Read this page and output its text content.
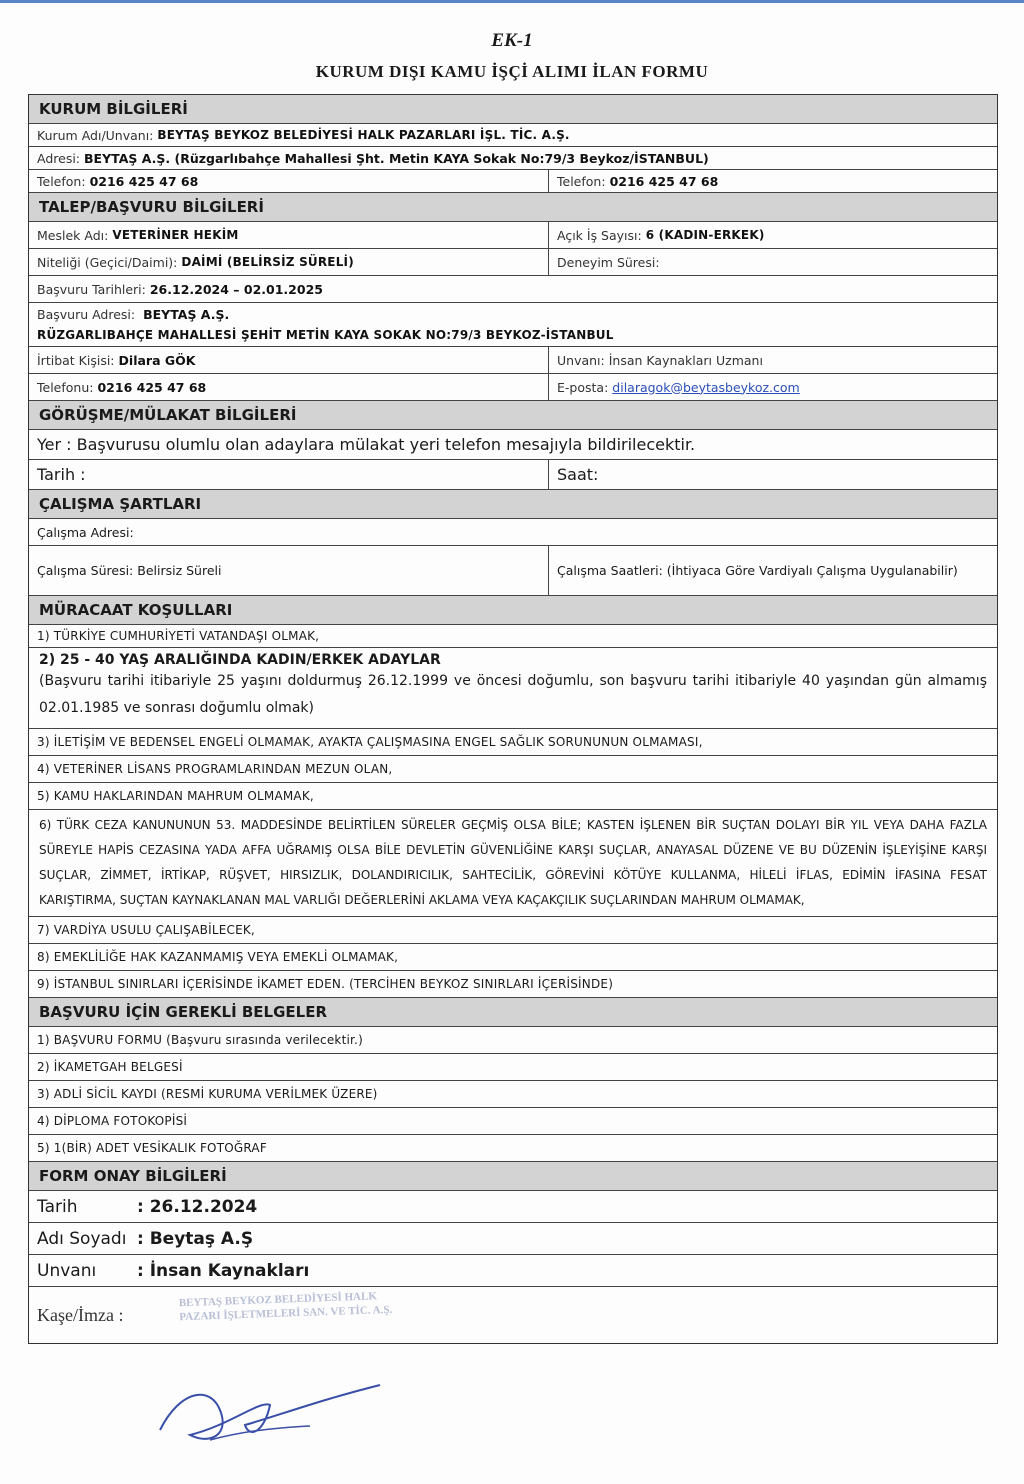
EK-1
KURUM DIŞI KAMU İŞÇİ ALIMI İLAN FORMU
KURUM BİLGİLERİ
Kurum Adı/Unvanı: BEYTAŞ BEYKOZ BELEDİYESİ HALK PAZARLARI İŞL. TİC. A.Ş.
Adresi: BEYTAŞ A.Ş. (Rüzgarlıbahçe Mahallesi Şht. Metin KAYA Sokak No:79/3 Beykoz/İSTANBUL)
Telefon: 0216 425 47 68	Telefon: 0216 425 47 68
TALEP/BAŞVURU BİLGİLERİ
Meslek Adı: VETERİNER HEKİM	Açık İş Sayısı: 6 (KADIN-ERKEK)
Niteliği (Geçici/Daimi): DAİMİ (BELİRSİZ SÜRELİ)	Deneyim Süresi:
Başvuru Tarihleri: 26.12.2024 – 02.01.2025
Başvuru Adresi: BEYTAŞ A.Ş.
RÜZGARLIBAHÇE MAHALLESİ ŞEHİT METİN KAYA SOKAK NO:79/3 BEYKOZ-İSTANBUL
İrtibat Kişisi: Dilara GÖK	Unvanı: İnsan Kaynakları Uzmanı
Telefonu: 0216 425 47 68	E-posta: dilaragok@beytasbeykoz.com
GÖRÜŞME/MÜLAKAT BİLGİLERİ
Yer : Başvurusu olumlu olan adaylara mülakat yeri telefon mesajıyla bildirilecektir.
Tarih :	Saat:
ÇALIŞMA ŞARTLARI
Çalışma Adresi:
Çalışma Süresi: Belirsiz Süreli	Çalışma Saatleri: (İhtiyaca Göre Vardiyalı Çalışma Uygulanabilir)
MÜRACAAT KOŞULLARI
1) TÜRKİYE CUMHURİYETİ VATANDAŞI OLMAK,
2) 25 - 40 YAŞ ARALIĞINDA KADIN/ERKEK ADAYLAR
(Başvuru tarihi itibariyle 25 yaşını doldurmuş 26.12.1999 ve öncesi doğumlu, son başvuru tarihi itibariyle 40 yaşından gün almamış 02.01.1985 ve sonrası doğumlu olmak)
3) İLETİŞİM VE BEDENSEL ENGELİ OLMAMAK, AYAKTA ÇALIŞMASINA ENGEL SAĞLIK SORUNUNUN OLMAMASI,
4) VETERİNER LİSANS PROGRAMLARINDAN MEZUN OLAN,
5) KAMU HAKLARINDAN MAHRUM OLMAMAK,
6) TÜRK CEZA KANUNUNUN 53. MADDESİNDE BELİRTİLEN SÜRELER GEÇMİŞ OLSA BİLE; KASTEN İŞLENEN BİR SUÇTAN DOLAYI BİR YIL VEYA DAHA FAZLA SÜREYLE HAPİS CEZASINA YADA AFFA UĞRAMIŞ OLSA BİLE DEVLETİN GÜVENLİĞİNE KARŞI SUÇLAR, ANAYASAL DÜZENE VE BU DÜZENİN İŞLEYİŞİNE KARŞI SUÇLAR, ZİMMET, İRTİKAP, RÜŞVET, HIRSIZLIK, DOLANDIRICILIK, SAHTECİLİK, GÖREVİNİ KÖTÜYE KULLANMA, HİLELİ İFLAS, EDİMİN İFASINA FESAT KARIŞTIRMA, SUÇTAN KAYNAKLANAN MAL VARLIĞI DEĞERLERİNİ AKLAMA VEYA KAÇAKÇILIK SUÇLARINDAN MAHRUM OLMAMAK,
7) VARDİYA USULU ÇALIŞABİLECEK,
8) EMEKLİLİĞE HAK KAZANMAMIŞ VEYA EMEKLİ OLMAMAK,
9) İSTANBUL SINIRLARI İÇERİSİNDE İKAMET EDEN. (TERCİHEN BEYKOZ SINIRLARI İÇERİSİNDE)
BAŞVURU İÇİN GEREKLİ BELGELER
1) BAŞVURU FORMU (Başvuru sırasında verilecektir.)
2) İKAMETGAH BELGESİ
3) ADLİ SİCİL KAYDI (RESMİ KURUMA VERİLMEK ÜZERE)
4) DİPLOMA FOTOKOPİSİ
5) 1(BİR) ADET VESİKALIK FOTOĞRAF
FORM ONAY BİLGİLERİ
Tarih	: 26.12.2024
Adı Soyadı : Beytaş A.Ş
Unvanı	: İnsan Kaynakları
Kaşe/İmza :
BEYTAŞ BEYKOZ BELEDİYESİ HALK
PAZARI İŞLETMELERİ SAN. VE TİC. A.Ş.
